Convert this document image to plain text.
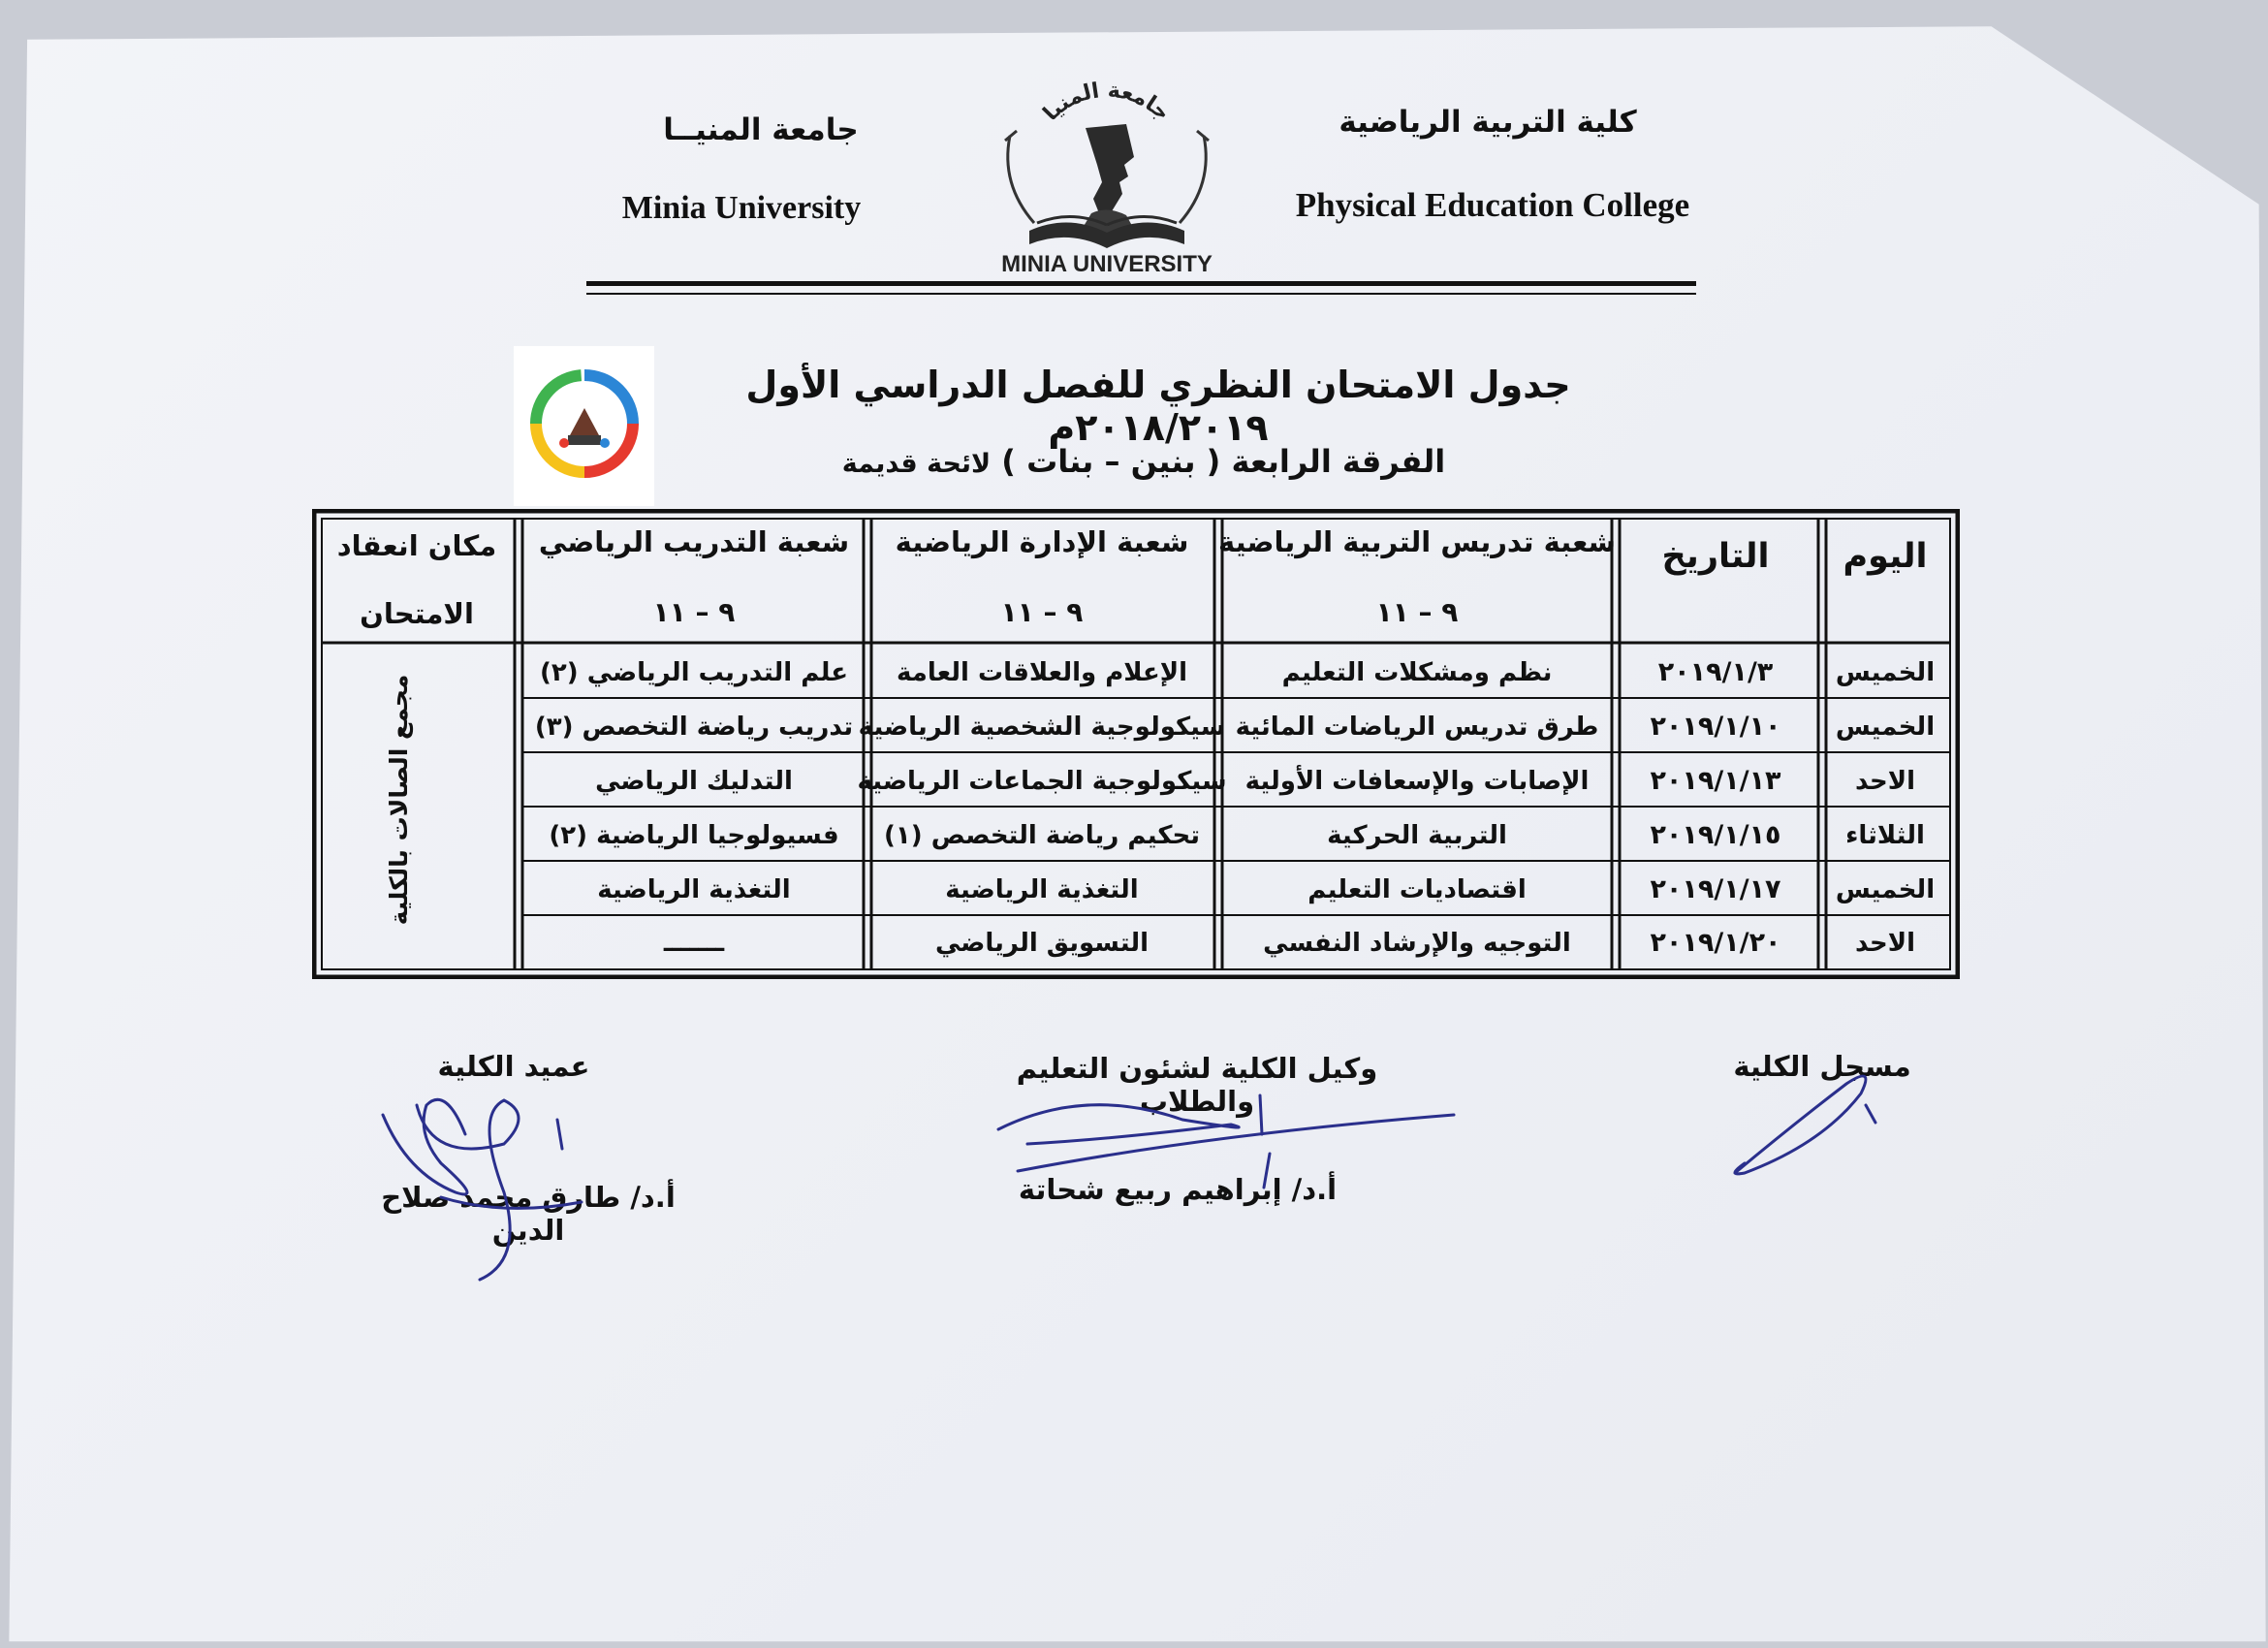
كلية التربية الرياضية
Physical Education College
جامعة المنيــا
Minia University
جامعة المنيا
MINIA UNIVERSITY
جدول الامتحان النظري للفصل الدراسي الأول ٢٠١٨/٢٠١٩م
الفرقة الرابعة ( بنين – بنات ) لائحة قديمة
اليوم
التاريخ
شعبة تدريس التربية الرياضية
٩ – ١١
شعبة الإدارة الرياضية
٩ – ١١
شعبة التدريب الرياضي
٩ – ١١
مكان انعقاد الامتحان
الخميس
٢٠١٩/١/٣
نظم ومشكلات التعليم
الإعلام والعلاقات العامة
علم التدريب الرياضي (٢)
الخميس
٢٠١٩/١/١٠
طرق تدريس الرياضات المائية
سيكولوجية الشخصية الرياضية
تدريب رياضة التخصص (٣)
الاحد
٢٠١٩/١/١٣
الإصابات والإسعافات الأولية
سيكولوجية الجماعات الرياضية
التدليك الرياضي
الثلاثاء
٢٠١٩/١/١٥
التربية الحركية
تحكيم رياضة التخصص (١)
فسيولوجيا الرياضية (٢)
الخميس
٢٠١٩/١/١٧
اقتصاديات التعليم
التغذية الرياضية
التغذية الرياضية
الاحد
٢٠١٩/١/٢٠
التوجيه والإرشاد النفسي
التسويق الرياضي
ـــــــ
مجمع الصالات بالكلية
مسجل الكلية
وكيل الكلية لشئون التعليم والطلاب
أ.د/ إبراهيم ربيع شحاتة
عميد الكلية
أ.د/ طارق محمد صلاح الدين
